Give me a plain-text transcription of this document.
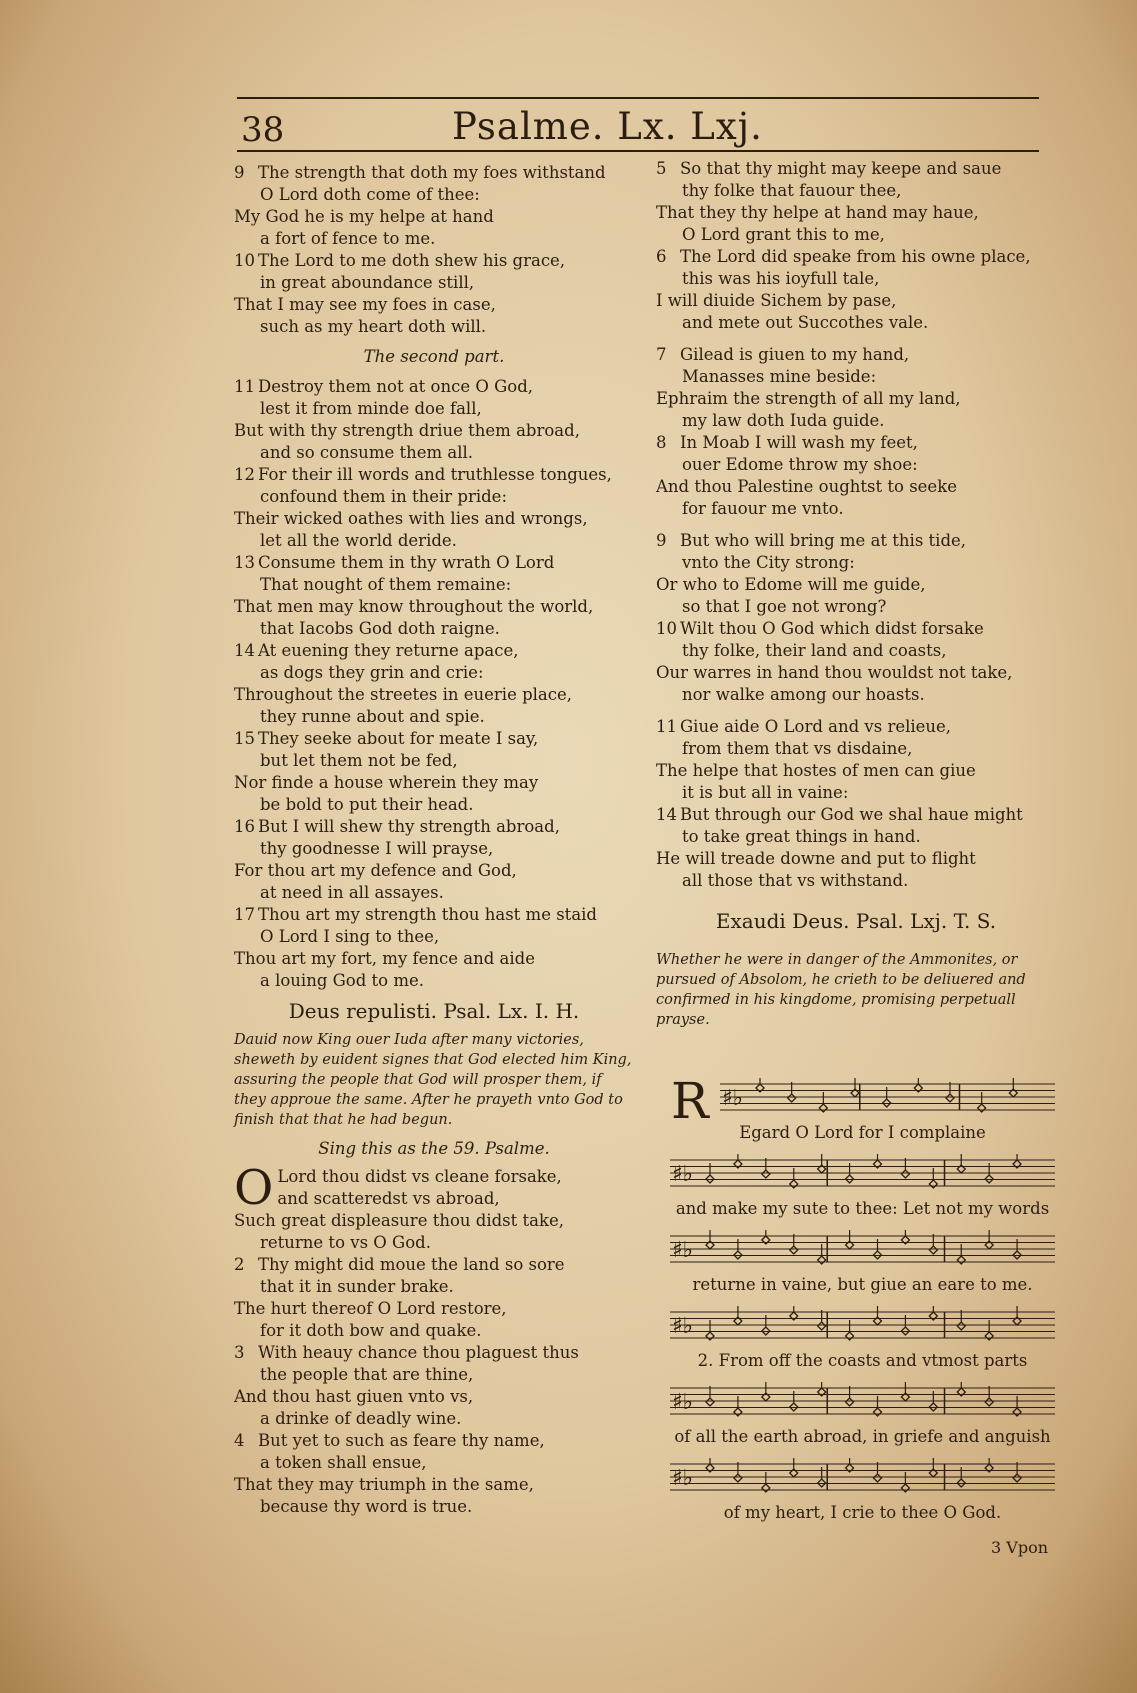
38	Psalme. Lx. Lxj.
9 The strength that doth my foes withstand
O Lord doth come of thee:
My God he is my helpe at hand
a fort of fence to me.
10 The Lord to me doth shew his grace,
in great aboundance still,
That I may see my foes in case,
such as my heart doth will.
The second part.
11 Destroy them not at once O God,
lest it from minde doe fall,
But with thy strength driue them abroad,
and so consume them all.
12 For their ill words and truthlesse tongues,
confound them in their pride:
Their wicked oathes with lies and wrongs,
let all the world deride.
13 Consume them in thy wrath O Lord
That nought of them remaine:
That men may know throughout the world,
that Iacobs God doth raigne.
14 At euening they returne apace,
as dogs they grin and crie:
Throughout the streetes in euerie place,
they runne about and spie.
15 They seeke about for meate I say,
but let them not be fed,
Nor finde a house wherein they may
be bold to put their head.
16 But I will shew thy strength abroad,
thy goodnesse I will prayse,
For thou art my defence and God,
at need in all assayes.
17 Thou art my strength thou hast me staid
O Lord I sing to thee,
Thou art my fort, my fence and aide
a louing God to me.
Deus repulisti. Psal. Lx. I. H.
Dauid now King ouer Iuda after many victories, sheweth by euident signes that God elected him King, assuring the people that God will prosper them, if they approue the same. After he prayeth vnto God to finish that that he had begun.
Sing this as the 59. Psalme.
O Lord thou didst vs cleane forsake,
and scatteredst vs abroad,
Such great displeasure thou didst take,
returne to vs O God.
2 Thy might did moue the land so sore
that it in sunder brake.
The hurt thereof O Lord restore,
for it doth bow and quake.
3 With heauy chance thou plaguest thus
the people that are thine,
And thou hast giuen vnto vs,
a drinke of deadly wine.
4 But yet to such as feare thy name,
a token shall ensue,
That they may triumph in the same,
because thy word is true.
5 So that thy might may keepe and saue
thy folke that fauour thee,
That they thy helpe at hand may haue,
O Lord grant this to me,
6 The Lord did speake from his owne place,
this was his ioyfull tale,
I will diuide Sichem by pase,
and mete out Succothes vale.
7 Gilead is giuen to my hand,
Manasses mine beside:
Ephraim the strength of all my land,
my law doth Iuda guide.
8 In Moab I will wash my feet,
ouer Edome throw my shoe:
And thou Palestine oughtst to seeke
for fauour me vnto.
9 But who will bring me at this tide,
vnto the City strong:
Or who to Edome will me guide,
so that I goe not wrong?
10 Wilt thou O God which didst forsake
thy folke, their land and coasts,
Our warres in hand thou wouldst not take,
nor walke among our hoasts.
11 Giue aide O Lord and vs relieue,
from them that vs disdaine,
The helpe that hostes of men can giue
it is but all in vaine:
14 But through our God we shal haue might
to take great things in hand.
He will treade downe and put to flight
all those that vs withstand.
Exaudi Deus. Psal. Lxj. T. S.
Whether he were in danger of the Ammonites, or pursued of Absolom, he crieth to be deliuered and confirmed in his kingdome, promising perpetuall prayse.
R ♯♭
Egard O Lord for I complaine
♯♭
and make my sute to thee: Let not my words
♯♭
returne in vaine, but giue an eare to me.
♯♭
2. From off the coasts and vtmost parts
♯♭
of all the earth abroad, in griefe and anguish
♯♭
of my heart, I crie to thee O God.
3 Vpon
